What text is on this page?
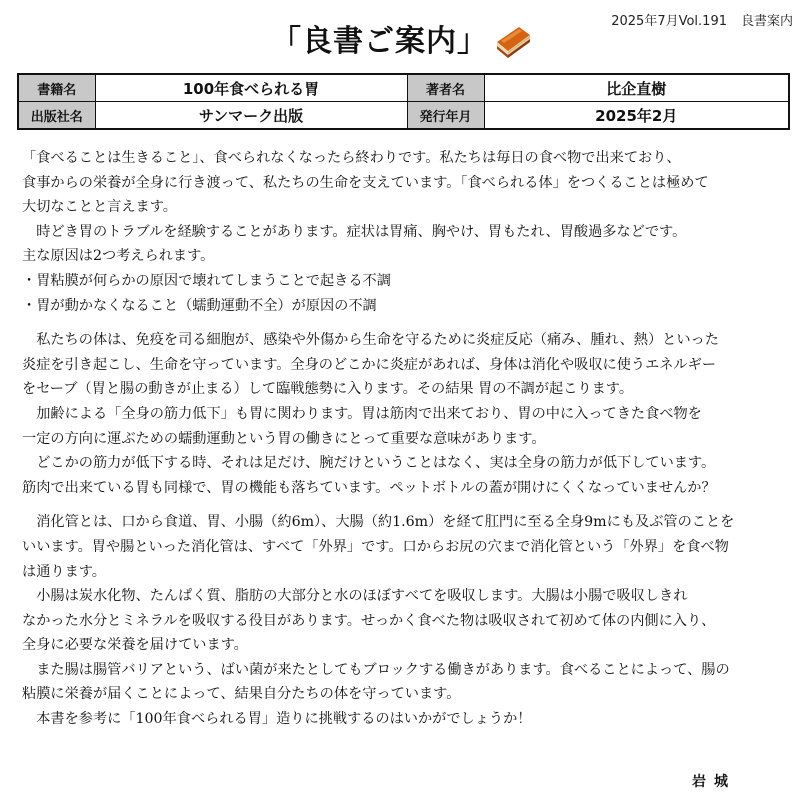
2025年7月Vol.191 良書案内
「良書ご案内」
書籍名	100年食べられる胃	著者名	比企直樹
出版社名	サンマーク出版	発行年月	2025年2月
「食べることは生きること」、食べられなくなったら終わりです。私たちは毎日の食べ物で出来ており、
食事からの栄養が全身に行き渡って、私たちの生命を支えています。「食べられる体」をつくることは極めて
大切なことと言えます。
　時どき胃のトラブルを経験することがあります。症状は胃痛、胸やけ、胃もたれ、胃酸過多などです。
主な原因は2つ考えられます。
・胃粘膜が何らかの原因で壊れてしまうことで起きる不調
・胃が動かなくなること（蠕動運動不全）が原因の不調
　私たちの体は、免疫を司る細胞が、感染や外傷から生命を守るために炎症反応（痛み、腫れ、熱）といった
炎症を引き起こし、生命を守っています。全身のどこかに炎症があれば、身体は消化や吸収に使うエネルギー
をセーブ（胃と腸の動きが止まる）して臨戦態勢に入ります。その結果 胃の不調が起こります。
　加齢による「全身の筋力低下」も胃に関わります。胃は筋肉で出来ており、胃の中に入ってきた食べ物を
一定の方向に運ぶための蠕動運動という胃の働きにとって重要な意味があります。
　どこかの筋力が低下する時、それは足だけ、腕だけということはなく、実は全身の筋力が低下しています。
筋肉で出来ている胃も同様で、胃の機能も落ちています。ペットボトルの蓋が開けにくくなっていませんか？
　消化管とは、口から食道、胃、小腸（約6m）、大腸（約1.6m）を経て肛門に至る全身9mにも及ぶ管のことを
いいます。胃や腸といった消化管は、すべて「外界」です。口からお尻の穴まで消化管という「外界」を食べ物
は通ります。
　小腸は炭水化物、たんぱく質、脂肪の大部分と水のほぼすべてを吸収します。大腸は小腸で吸収しきれ
なかった水分とミネラルを吸収する役目があります。せっかく食べた物は吸収されて初めて体の内側に入り、
全身に必要な栄養を届けています。
　また腸は腸管バリアという、ばい菌が来たとしてもブロックする働きがあります。食べることによって、腸の
粘膜に栄養が届くことによって、結果自分たちの体を守っています。
　本書を参考に「100年食べられる胃」造りに挑戦するのはいかがでしょうか！
岩城
